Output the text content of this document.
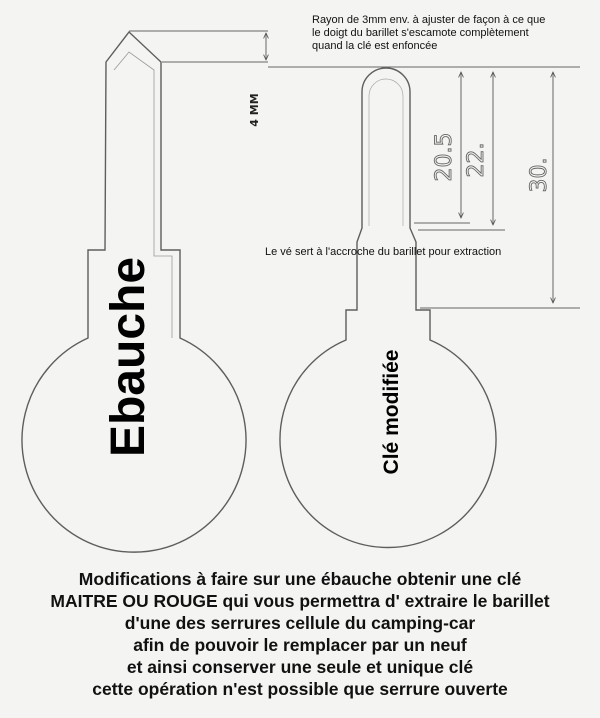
Ebauche
4 MM
Clé modifiée
20.5 22. 30.
Rayon de 3mm env. à ajuster de façon à ce que
le doigt du barillet s'escamote complètement
quand la clé est enfoncée
Le vé sert à l'accroche du barillet pour extraction
Modifications à faire sur une ébauche obtenir une clé
MAITRE OU ROUGE qui vous permettra d' extraire le barillet
d'une des serrures cellule du camping-car
afin de pouvoir le remplacer par un neuf
et ainsi conserver une seule et unique clé
cette opération n'est possible que serrure ouverte
